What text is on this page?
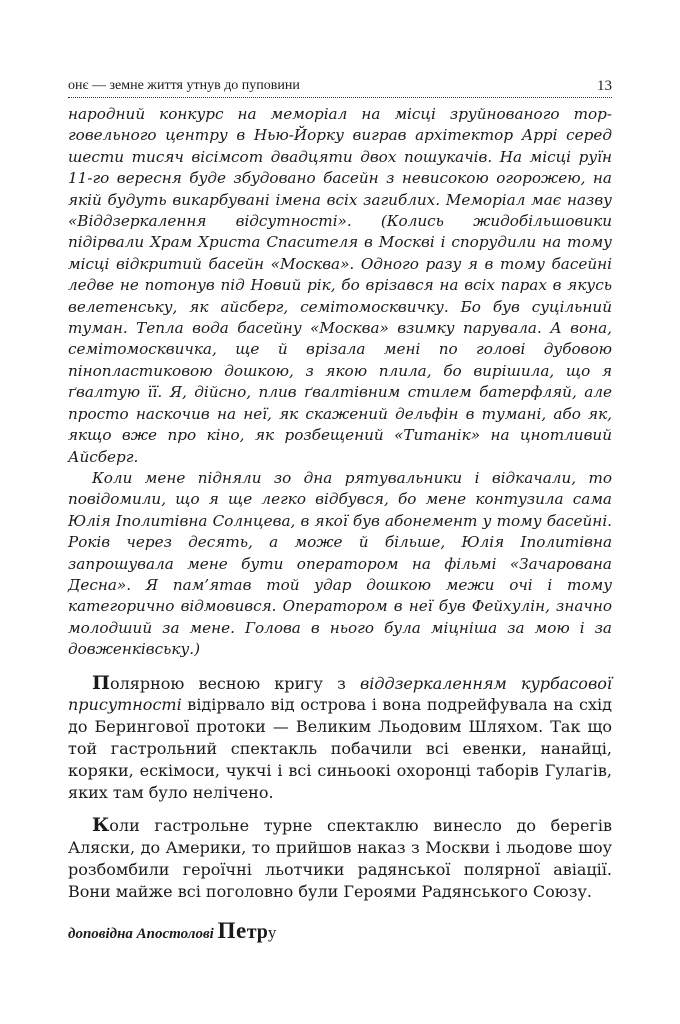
онє — земне життя утнув до пуповини	13

народний конкурс на меморіал на місці зруйнованого торговельного центру в Нью-Йорку виграв архітектор Аррі серед шести тисяч вісімсот двадцяти двох пошукачів. На місці руїн 11-го вересня буде збудовано басейн з невисокою огорожею, на якій будуть викарбувані імена всіх загиблих. Меморіал має назву «Віддзеркалення відсутності». (Колись жидобільшовики підірвали Храм Христа Спасителя в Москві і спорудили на тому місці відкритий басейн «Москва». Одного разу я в тому басейні ледве не потонув під Новий рік, бо врізався на всіх парах в якусь велетенську, як айсберг, семітомосквичку. Бо був суцільний туман. Тепла вода басейну «Москва» взимку парувала. А вона, семітомосквичка, ще й врізала мені по голові дубовою пінопластиковою дошкою, з якою плила, бо вирішила, що я ґвалтую її. Я, дійсно, плив ґвалтівним стилем батерфляй, але просто наскочив на неї, як скажений дельфін в тумані, або як, якщо вже про кіно, як розбещений «Титанік» на цнотливий Айсберг.

Коли мене підняли зо дна рятувальники і відкачали, то повідомили, що я ще легко відбувся, бо мене контузила сама Юлія Іполитівна Солнцева, в якої був абонемент у тому басейні. Років через десять, а може й більше, Юлія Іполитівна запрошувала мене бути оператором на фільмі «Зачарована Десна». Я пам’ятав той удар дошкою межи очі і тому категорично відмовився. Оператором в неї був Фейхулін, значно молодший за мене. Голова в нього була міцніша за мою і за довженківську.)

Полярною весною кригу з віддзеркаленням курбасової присутності відірвало від острова і вона подрейфувала на схід до Берингової протоки — Великим Льодовим Шляхом. Так що той гастрольний спектакль побачили всі евенки, нанайці, коряки, ескімоси, чукчі і всі синьоокі охоронці таборів Гулагів, яких там було нелічено.

Коли гастрольне турне спектаклю винесло до берегів Аляски, до Америки, то прийшов наказ з Москви і льодове шоу розбомбили героїчні льотчики радянської полярної авіації. Вони майже всі поголовно були Героями Радянського Союзу.

доповідна Апостолові Петру
